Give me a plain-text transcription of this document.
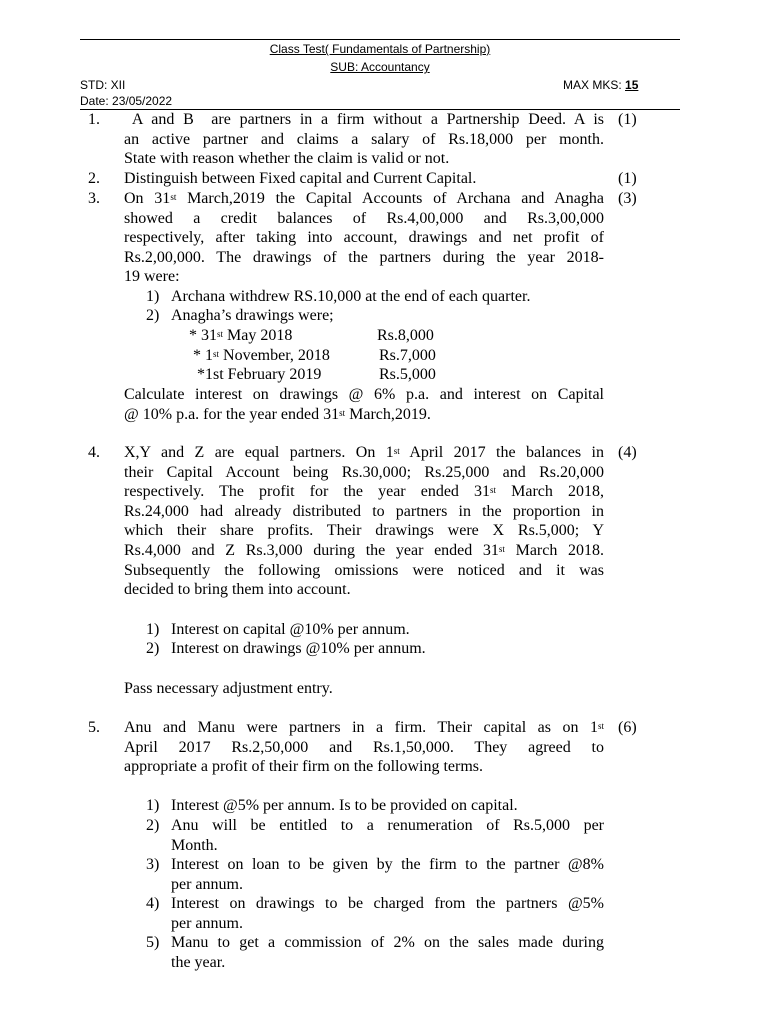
Class Test( Fundamentals of Partnership)
SUB: Accountancy
STD: XII	MAX MKS: 15
Date: 23/05/2022
1.	(1)
A and B  are partners in a firm without a Partnership Deed. A is
an active partner and claims a salary of Rs.18,000 per month.
State with reason whether the claim is valid or not.
2.	(1)
Distinguish between Fixed capital and Current Capital.
3.	(3)
On 31st March,2019 the Capital Accounts of Archana and Anagha
showed a credit balances of Rs.4,00,000 and Rs.3,00,000
respectively, after taking into account, drawings and net profit of
Rs.2,00,000. The drawings of the partners during the year 2018-
19 were:
1) Archana withdrew RS.10,000 at the end of each quarter.
2) Anagha’s drawings were;
* 31st May 2018	Rs.8,000
* 1st November, 2018	Rs.7,000
*1st February 2019	Rs.5,000
Calculate interest on drawings @ 6% p.a. and interest on Capital
@ 10% p.a. for the year ended 31st March,2019.
4.	(4)
X,Y and Z are equal partners. On 1st April 2017 the balances in
their Capital Account being Rs.30,000; Rs.25,000 and Rs.20,000
respectively. The profit for the year ended 31st March 2018,
Rs.24,000 had already distributed to partners in the proportion in
which their share profits. Their drawings were X Rs.5,000; Y
Rs.4,000 and Z Rs.3,000 during the year ended 31st March 2018.
Subsequently the following omissions were noticed and it was
decided to bring them into account.
1) Interest on capital @10% per annum.
2) Interest on drawings @10% per annum.
Pass necessary adjustment entry.
5.	(6)
Anu and Manu were partners in a firm. Their capital as on 1st
April 2017 Rs.2,50,000 and Rs.1,50,000. They agreed to
appropriate a profit of their firm on the following terms.
1) Interest @5% per annum. Is to be provided on capital.
2) Anu will be entitled to a renumeration of Rs.5,000 per
Month.
3) Interest on loan to be given by the firm to the partner @8%
per annum.
4) Interest on drawings to be charged from the partners @5%
per annum.
5) Manu to get a commission of 2% on the sales made during
the year.
